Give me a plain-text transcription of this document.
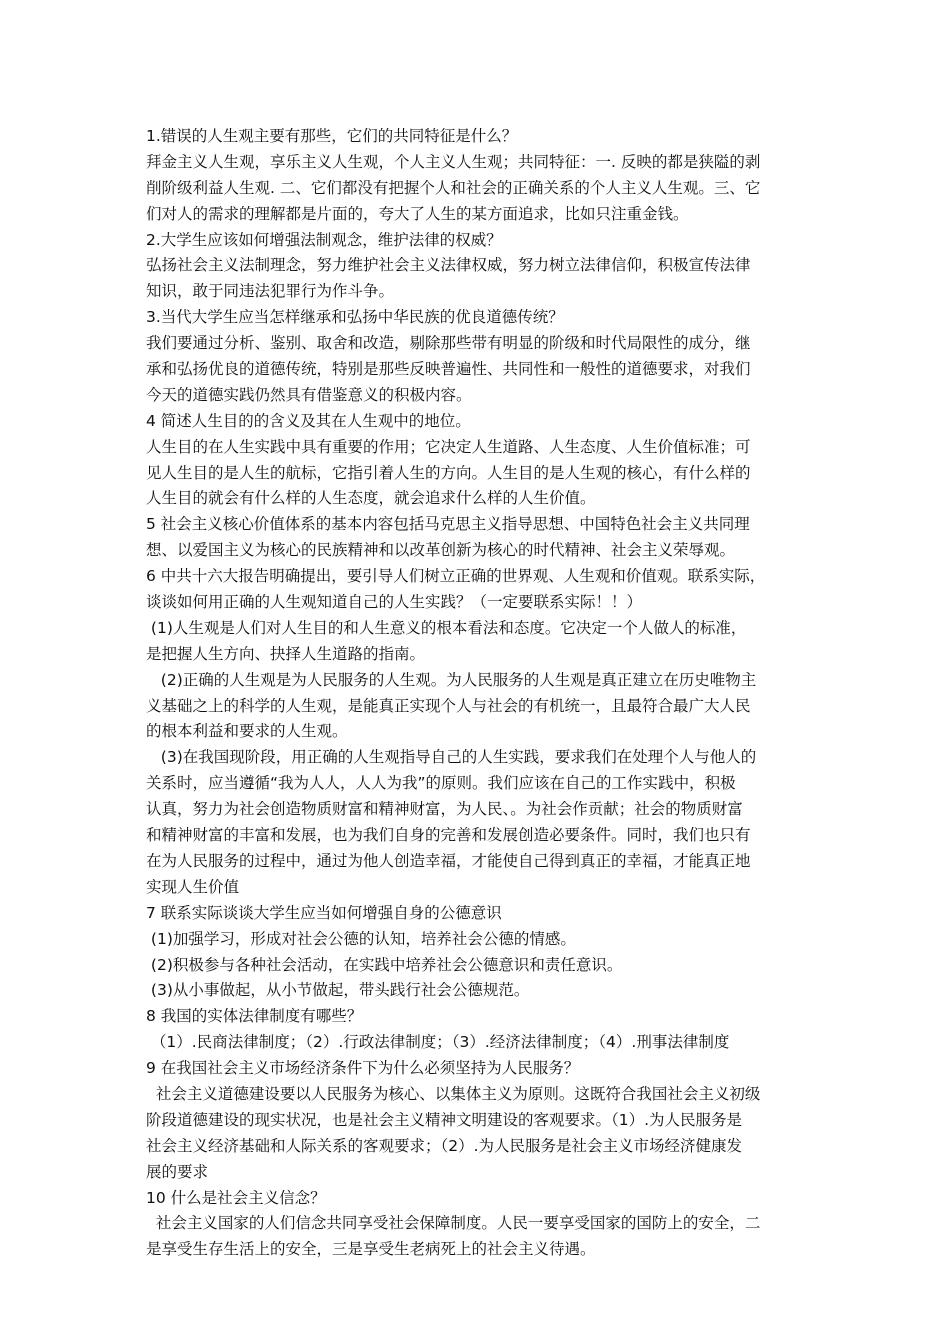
1.错误的人生观主要有那些，它们的共同特征是什么？
拜金主义人生观，享乐主义人生观，个人主义人生观；共同特征：一. 反映的都是狭隘的剥
削阶级利益人生观. 二、它们都没有把握个人和社会的正确关系的个人主义人生观。三、它
们对人的需求的理解都是片面的，夸大了人生的某方面追求，比如只注重金钱。
2.大学生应该如何增强法制观念，维护法律的权威？
弘扬社会主义法制理念，努力维护社会主义法律权威，努力树立法律信仰，积极宣传法律
知识，敢于同违法犯罪行为作斗争。
3.当代大学生应当怎样继承和弘扬中华民族的优良道德传统？
我们要通过分析、鉴别、取舍和改造，剔除那些带有明显的阶级和时代局限性的成分，继
承和弘扬优良的道德传统，特别是那些反映普遍性、共同性和一般性的道德要求，对我们
今天的道德实践仍然具有借鉴意义的积极内容。
4 简述人生目的的含义及其在人生观中的地位。
人生目的在人生实践中具有重要的作用；它决定人生道路、人生态度、人生价值标准；可
见人生目的是人生的航标，它指引着人生的方向。人生目的是人生观的核心，有什么样的
人生目的就会有什么样的人生态度，就会追求什么样的人生价值。
5 社会主义核心价值体系的基本内容包括马克思主义指导思想、中国特色社会主义共同理
想、以爱国主义为核心的民族精神和以改革创新为核心的时代精神、社会主义荣辱观。
6 中共十六大报告明确提出，要引导人们树立正确的世界观、人生观和价值观。联系实际，
谈谈如何用正确的人生观知道自己的人生实践？（一定要联系实际！！）
(1)人生观是人们对人生目的和人生意义的根本看法和态度。它决定一个人做人的标准，
是把握人生方向、抉择人生道路的指南。
(2)正确的人生观是为人民服务的人生观。为人民服务的人生观是真正建立在历史唯物主
义基础之上的科学的人生观，是能真正实现个人与社会的有机统一，且最符合最广大人民
的根本利益和要求的人生观。
(3)在我国现阶段，用正确的人生观指导自己的人生实践，要求我们在处理个人与他人的
关系时，应当遵循“我为人人，人人为我”的原则。我们应该在自己的工作实践中，积极
认真，努力为社会创造物质财富和精神财富，为人民、。为社会作贡献；社会的物质财富
和精神财富的丰富和发展，也为我们自身的完善和发展创造必要条件。同时，我们也只有
在为人民服务的过程中，通过为他人创造幸福，才能使自己得到真正的幸福，才能真正地
实现人生价值
7 联系实际谈谈大学生应当如何增强自身的公德意识
(1)加强学习，形成对社会公德的认知，培养社会公德的情感。
(2)积极参与各种社会活动，在实践中培养社会公德意识和责任意识。
(3)从小事做起，从小节做起，带头践行社会公德规范。
8 我国的实体法律制度有哪些？
（1）.民商法律制度；（2）.行政法律制度；（3）.经济法律制度；（4）.刑事法律制度
9 在我国社会主义市场经济条件下为什么必须坚持为人民服务？
社会主义道德建设要以人民服务为核心、以集体主义为原则。这既符合我国社会主义初级
阶段道德建设的现实状况，也是社会主义精神文明建设的客观要求。（1）.为人民服务是
社会主义经济基础和人际关系的客观要求；（2）.为人民服务是社会主义市场经济健康发
展的要求
10 什么是社会主义信念？
社会主义国家的人们信念共同享受社会保障制度。人民一要享受国家的国防上的安全，二
是享受生存生活上的安全，三是享受生老病死上的社会主义待遇。
